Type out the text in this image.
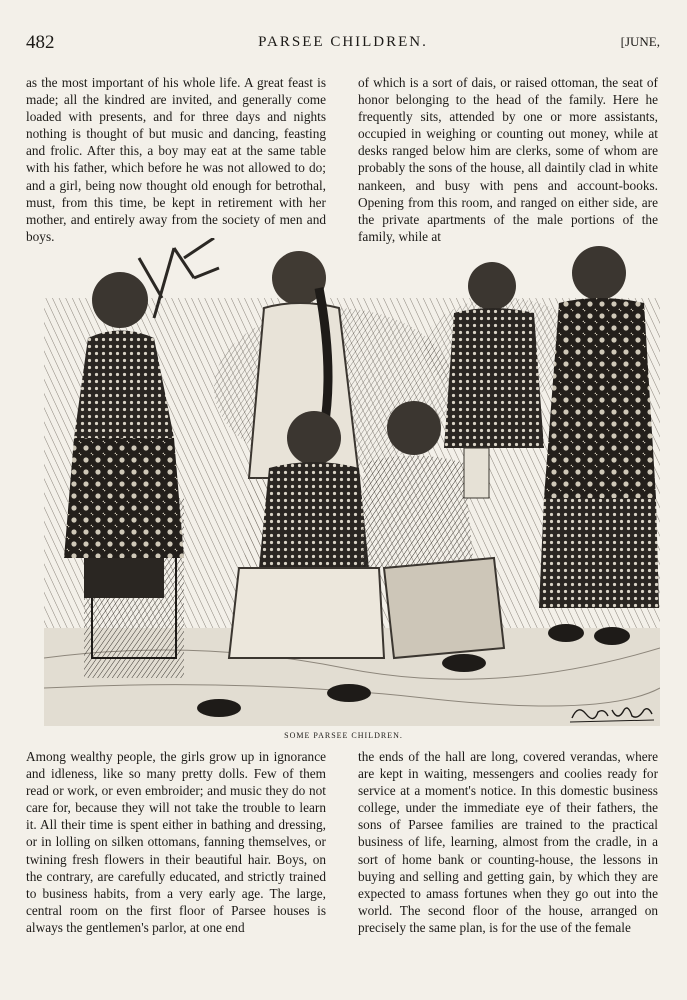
482	PARSEE CHILDREN.	[JUNE,

as the most important of his whole life. A great feast is made; all the kindred are invited, and generally come loaded with presents, and for three days and nights nothing is thought of but music and dancing, feasting and frolic. After this, a boy may eat at the same table with his father, which before he was not allowed to do; and a girl, being now thought old enough for betrothal, must, from this time, be kept in retirement with her mother, and entirely away from the society of men and boys.

of which is a sort of dais, or raised ottoman, the seat of honor belonging to the head of the family. Here he frequently sits, attended by one or more assistants, occupied in weighing or counting out money, while at desks ranged below him are clerks, some of whom are probably the sons of the house, all daintily clad in white nankeen, and busy with pens and account-books. Opening from this room, and ranged on either side, are the private apartments of the male portions of the family, while at

SOME PARSEE CHILDREN.

Among wealthy people, the girls grow up in ignorance and idleness, like so many pretty dolls. Few of them read or work, or even embroider; and music they do not care for, because they will not take the trouble to learn it. All their time is spent either in bathing and dressing, or in lolling on silken ottomans, fanning themselves, or twining fresh flowers in their beautiful hair. Boys, on the contrary, are carefully educated, and strictly trained to business habits, from a very early age. The large, central room on the first floor of Parsee houses is always the gentlemen's parlor, at one end

the ends of the hall are long, covered verandas, where are kept in waiting, messengers and coolies ready for service at a moment's notice. In this domestic business college, under the immediate eye of their fathers, the sons of Parsee families are trained to the practical business of life, learning, almost from the cradle, in a sort of home bank or counting-house, the lessons in buying and selling and getting gain, by which they are expected to amass fortunes when they go out into the world. The second floor of the house, arranged on precisely the same plan, is for the use of the female
